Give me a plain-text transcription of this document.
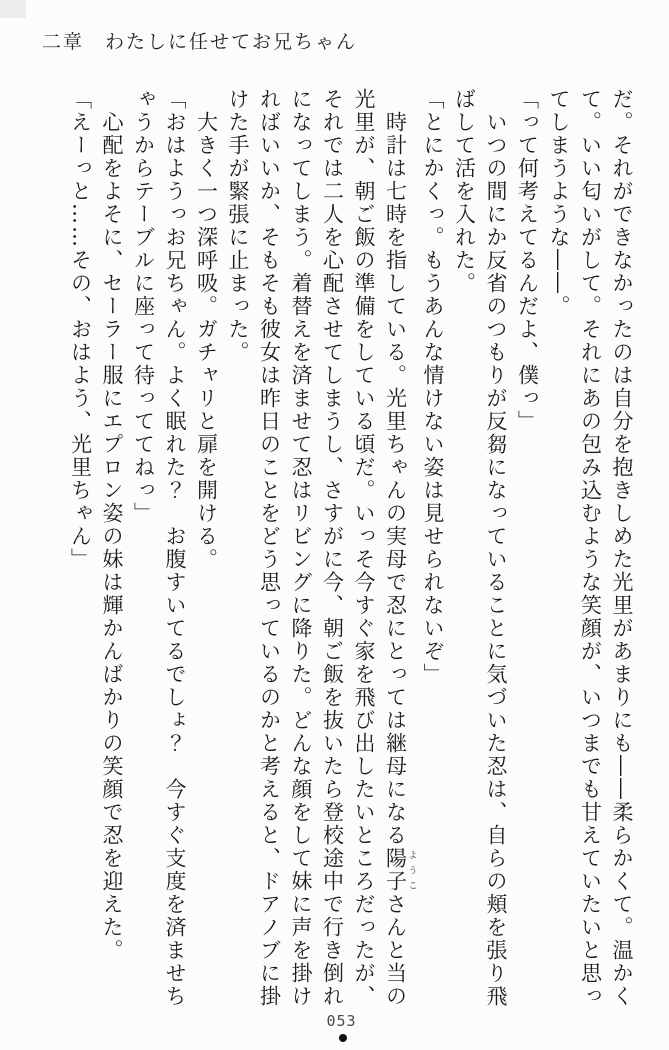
二章　わたしに任せてお兄ちゃん

だ。それができなかったのは自分を抱きしめた光里があまりにも――柔らかくて。温かく

て。いい匂いがして。それにあの包み込むような笑顔が、いつまでも甘えていたいと思っ

てしまうような――。

「って何考えてるんだよ、僕っ」

いつの間にか反省のつもりが反芻になっていることに気づいた忍は、自らの頬を張り飛

ばして活を入れた。

「とにかくっ。もうあんな情けない姿は見せられないぞ」

時計は七時を指している。光里ちゃんの実母で忍にとっては継母になる陽子 ようこさんと当の

光里が、朝ご飯の準備をしている頃だ。いっそ今すぐ家を飛び出したいところだったが、

それでは二人を心配させてしまうし、さすがに今、朝ご飯を抜いたら登校途中で行き倒れ

になってしまう。着替えを済ませて忍はリビングに降りた。どんな顔をして妹に声を掛け

ればいいか、そもそも彼女は昨日のことをどう思っているのかと考えると、ドアノブに掛

けた手が緊張に止まった。

大きく一つ深呼吸。ガチャリと扉を開ける。

「おはようっお兄ちゃん。よく眠れた？　お腹すいてるでしょ？　今すぐ支度を済ませち

ゃうからテーブルに座って待っててねっ」

心配をよそに、セーラー服にエプロン姿の妹は輝かんばかりの笑顔で忍を迎えた。

「えーっと……その、おはよう、光里ちゃん」

053
